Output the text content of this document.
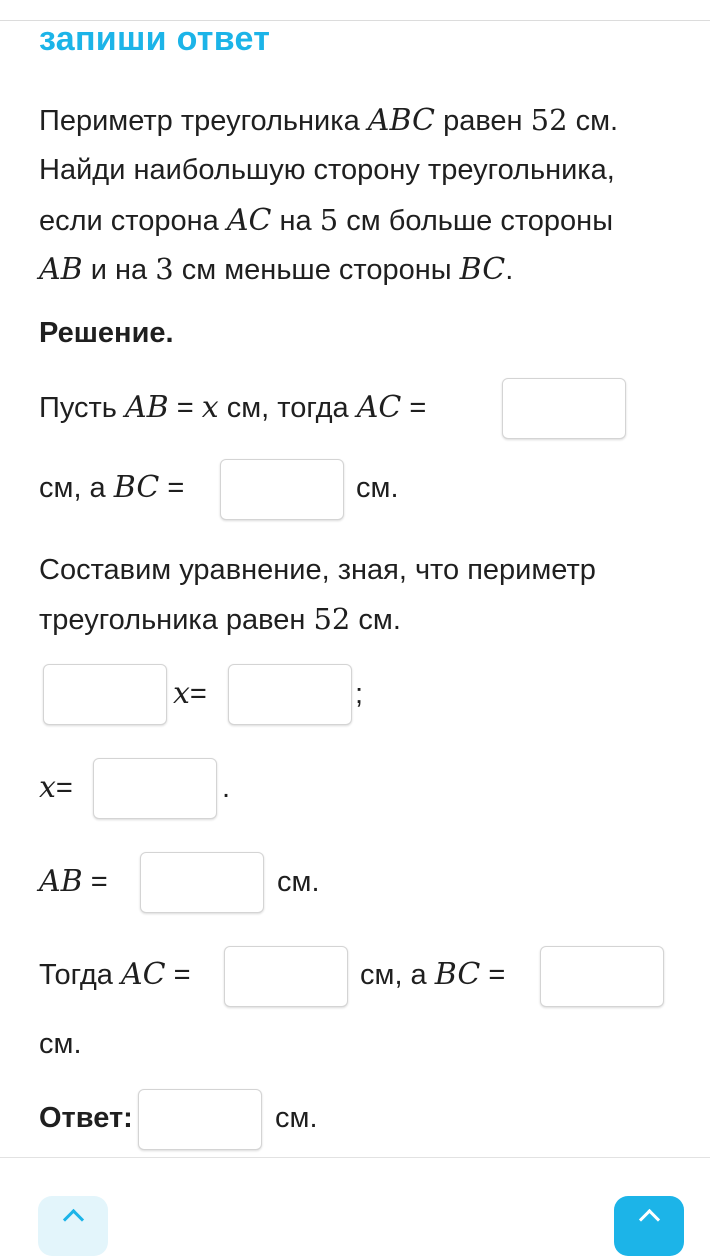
запиши ответ
Периметр треугольника ABC равен 52 см.
Найди наибольшую сторону треугольника,
если сторона AC на 5 см больше стороны
AB и на 3 см меньше стороны BC.
Решение.
Пусть AB = x см, тогда AC =
см, а BC =	см.
Составим уравнение, зная, что периметр
треугольника равен 52 см.
x=	;
x=	.
AB =	см.
Тогда AC =	см, а BC =
см.
Ответ:	см.
